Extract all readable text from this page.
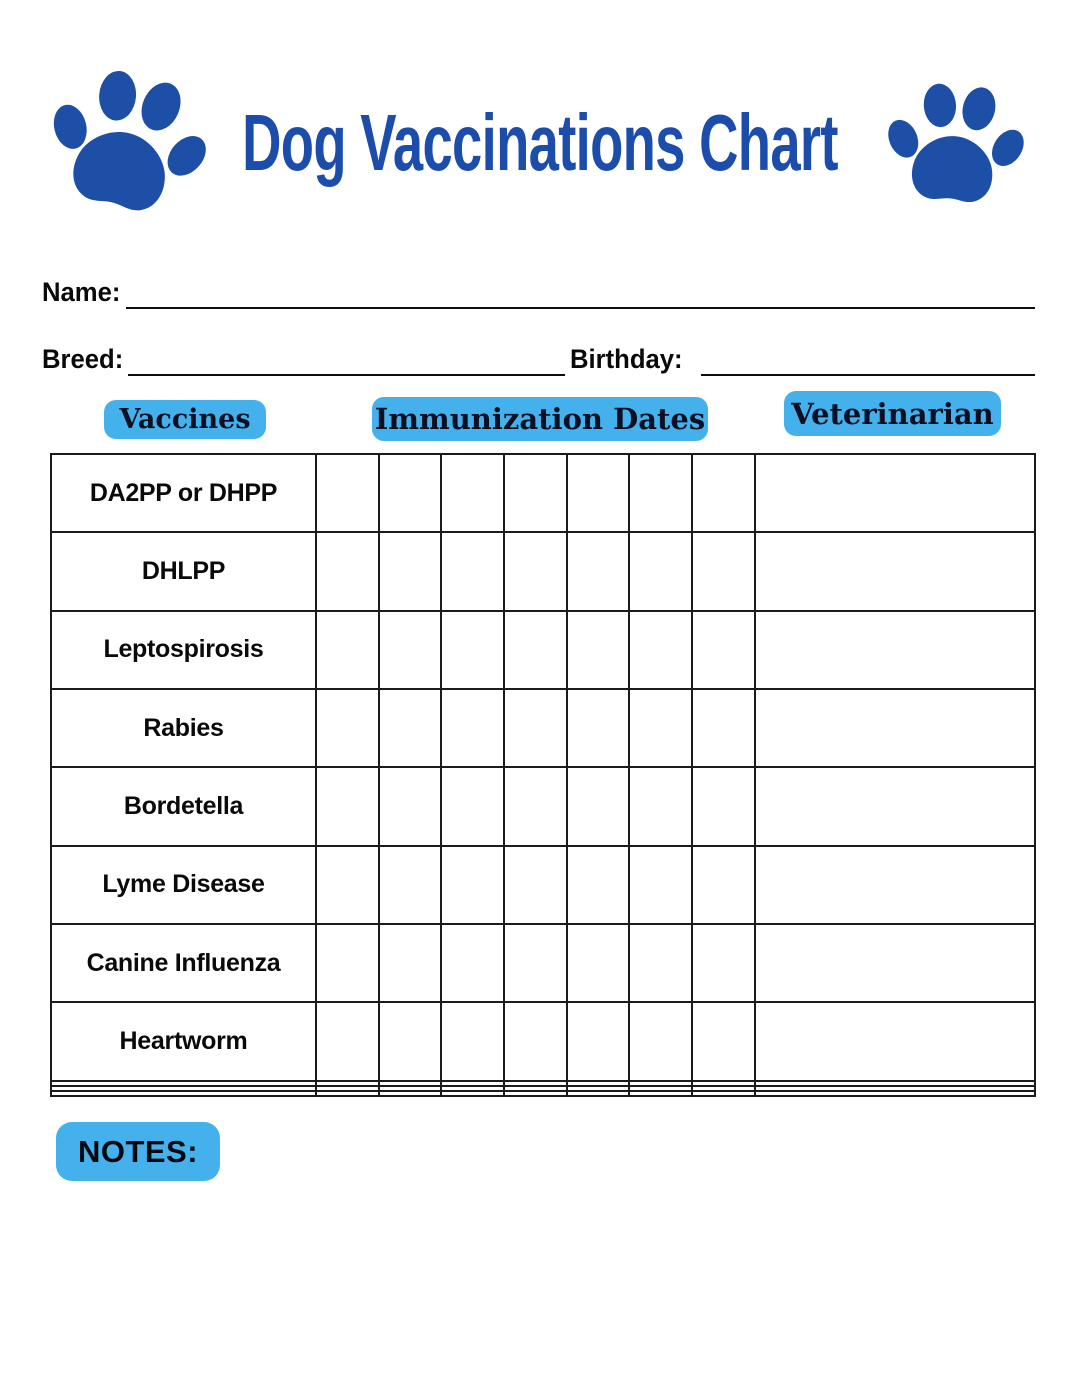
Dog Vaccinations Chart
Name:
Breed:	Birthday:
Vaccines	Immunization Dates	Veterinarian
DA2PP or DHPP								
DHLPP								
Leptospirosis								
Rabies								
Bordetella								
Lyme Disease								
Canine Influenza								
Heartworm								

NOTES:
